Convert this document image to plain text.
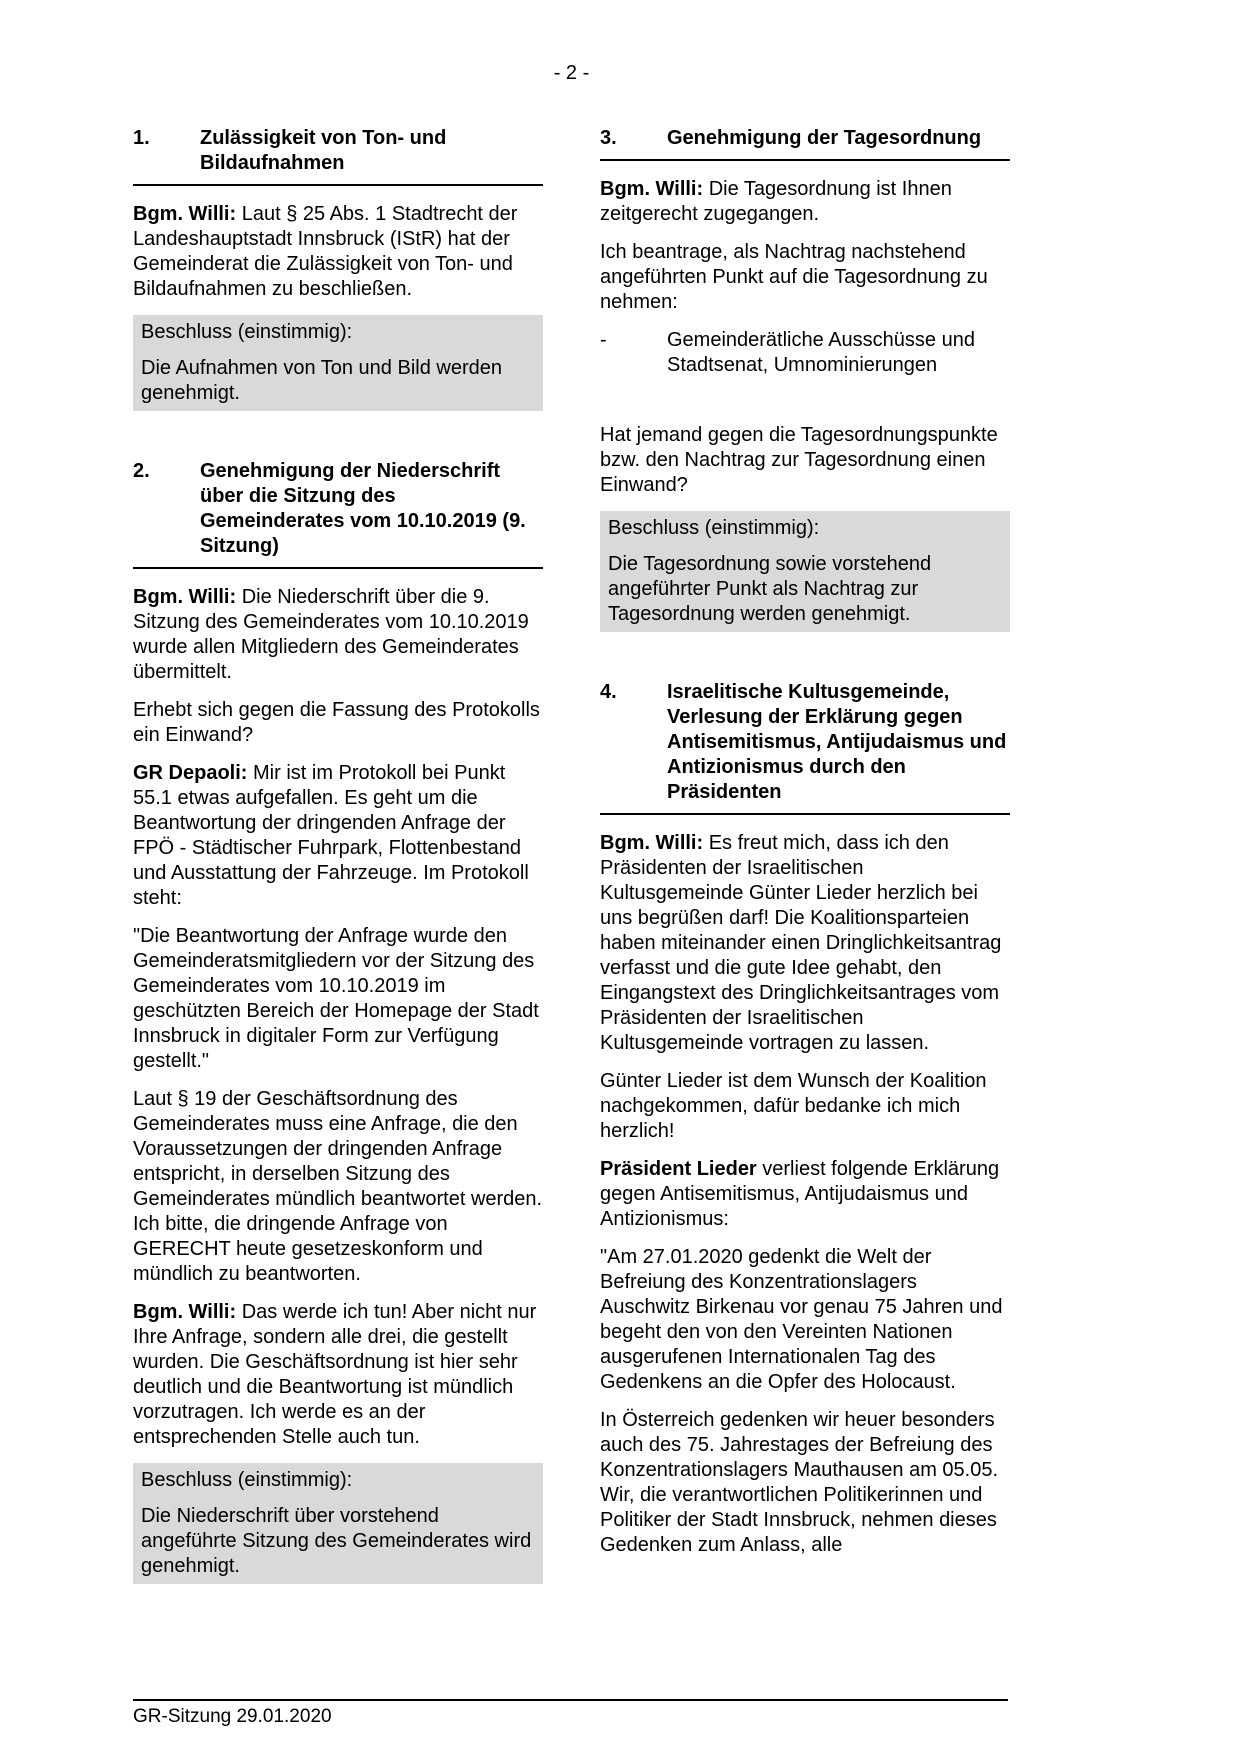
- 2 -
1.	Zulässigkeit von Ton- und Bildaufnahmen

Bgm. Willi: Laut § 25 Abs. 1 Stadtrecht der Landeshauptstadt Innsbruck (IStR) hat der Gemeinderat die Zulässigkeit von Ton- und Bildaufnahmen zu beschließen.

Beschluss (einstimmig):
Die Aufnahmen von Ton und Bild werden genehmigt.
2.	Genehmigung der Niederschrift über die Sitzung des Gemeinderates vom 10.10.2019 (9. Sitzung)

Bgm. Willi: Die Niederschrift über die 9. Sitzung des Gemeinderates vom 10.10.2019 wurde allen Mitgliedern des Gemeinderates übermittelt.

Erhebt sich gegen die Fassung des Protokolls ein Einwand?

GR Depaoli: Mir ist im Protokoll bei Punkt 55.1 etwas aufgefallen. Es geht um die Beantwortung der dringenden Anfrage der FPÖ - Städtischer Fuhrpark, Flottenbestand und Ausstattung der Fahrzeuge. Im Protokoll steht:

"Die Beantwortung der Anfrage wurde den Gemeinderatsmitgliedern vor der Sitzung des Gemeinderates vom 10.10.2019 im geschützten Bereich der Homepage der Stadt Innsbruck in digitaler Form zur Verfügung gestellt."

Laut § 19 der Geschäftsordnung des Gemeinderates muss eine Anfrage, die den Voraussetzungen der dringenden Anfrage entspricht, in derselben Sitzung des Gemeinderates mündlich beantwortet werden. Ich bitte, die dringende Anfrage von GERECHT heute gesetzeskonform und mündlich zu beantworten.

Bgm. Willi: Das werde ich tun! Aber nicht nur Ihre Anfrage, sondern alle drei, die gestellt wurden. Die Geschäftsordnung ist hier sehr deutlich und die Beantwortung ist mündlich vorzutragen. Ich werde es an der entsprechenden Stelle auch tun.

Beschluss (einstimmig):
Die Niederschrift über vorstehend angeführte Sitzung des Gemeinderates wird genehmigt.
3.	Genehmigung der Tagesordnung

Bgm. Willi: Die Tagesordnung ist Ihnen zeitgerecht zugegangen.

Ich beantrage, als Nachtrag nachstehend angeführten Punkt auf die Tagesordnung zu nehmen:

-	Gemeinderätliche Ausschüsse und Stadtsenat, Umnominierungen

Hat jemand gegen die Tagesordnungspunkte bzw. den Nachtrag zur Tagesordnung einen Einwand?

Beschluss (einstimmig):
Die Tagesordnung sowie vorstehend angeführter Punkt als Nachtrag zur Tagesordnung werden genehmigt.
4.	Israelitische Kultusgemeinde, Verlesung der Erklärung gegen Antisemitismus, Antijudaismus und Antizionismus durch den Präsidenten

Bgm. Willi: Es freut mich, dass ich den Präsidenten der Israelitischen Kultusgemeinde Günter Lieder herzlich bei uns begrüßen darf! Die Koalitionsparteien haben miteinander einen Dringlichkeitsantrag verfasst und die gute Idee gehabt, den Eingangstext des Dringlichkeitsantrages vom Präsidenten der Israelitischen Kultusgemeinde vortragen zu lassen.

Günter Lieder ist dem Wunsch der Koalition nachgekommen, dafür bedanke ich mich herzlich!

Präsident Lieder verliest folgende Erklärung gegen Antisemitismus, Antijudaismus und Antizionismus:

"Am 27.01.2020 gedenkt die Welt der Befreiung des Konzentrationslagers Auschwitz Birkenau vor genau 75 Jahren und begeht den von den Vereinten Nationen ausgerufenen Internationalen Tag des Gedenkens an die Opfer des Holocaust.

In Österreich gedenken wir heuer besonders auch des 75. Jahrestages der Befreiung des Konzentrationslagers Mauthausen am 05.05. Wir, die verantwortlichen Politikerinnen und Politiker der Stadt Innsbruck, nehmen dieses Gedenken zum Anlass, alle

GR-Sitzung 29.01.2020
